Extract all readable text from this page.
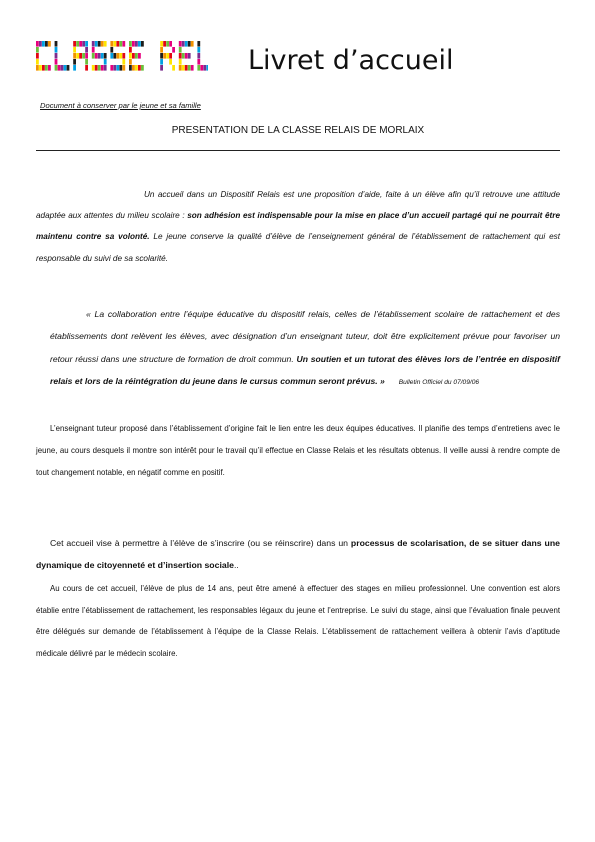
Livret d’accueil
Document à conserver par le jeune et sa famille
PRESENTATION DE LA CLASSE RELAIS DE MORLAIX
Un accueil dans un Dispositif Relais est une proposition d’aide, faite à un élève afin qu’il retrouve une attitude adaptée aux attentes du milieu scolaire : son adhésion est indispensable pour la mise en place d’un accueil partagé qui ne pourrait être maintenu contre sa volonté. Le jeune conserve la qualité d’élève de l’enseignement général de l’établissement de rattachement qui est responsable du suivi de sa scolarité.
« La collaboration entre l’équipe éducative du dispositif relais, celles de l’établissement scolaire de rattachement et des établissements dont relèvent les élèves, avec désignation d’un enseignant tuteur, doit être explicitement prévue pour favoriser un retour réussi dans une structure de formation de droit commun. Un soutien et un tutorat des élèves lors de l’entrée en dispositif relais et lors de la réintégration du jeune dans le cursus commun seront prévus. » Bulletin Officiel du 07/09/06
L’enseignant tuteur proposé dans l’établissement d’origine fait le lien entre les deux équipes éducatives. Il planifie des temps d’entretiens avec le jeune, au cours desquels il montre son intérêt pour le travail qu’il effectue en Classe Relais et les résultats obtenus. Il veille aussi à rendre compte de tout changement notable, en négatif comme en positif.
Cet accueil vise à permettre à l’élève de s’inscrire (ou se réinscrire) dans un processus de scolarisation, de se situer dans une dynamique de citoyenneté et d’insertion sociale..
Au cours de cet accueil, l’élève de plus de 14 ans, peut être amené à effectuer des stages en milieu professionnel. Une convention est alors établie entre l’établissement de rattachement, les responsables légaux du jeune et l’entreprise. Le suivi du stage, ainsi que l’évaluation finale peuvent être délégués sur demande de l’établissement à l’équipe de la Classe Relais. L’établissement de rattachement veillera à obtenir l’avis d’aptitude médicale délivré par le médecin scolaire.
